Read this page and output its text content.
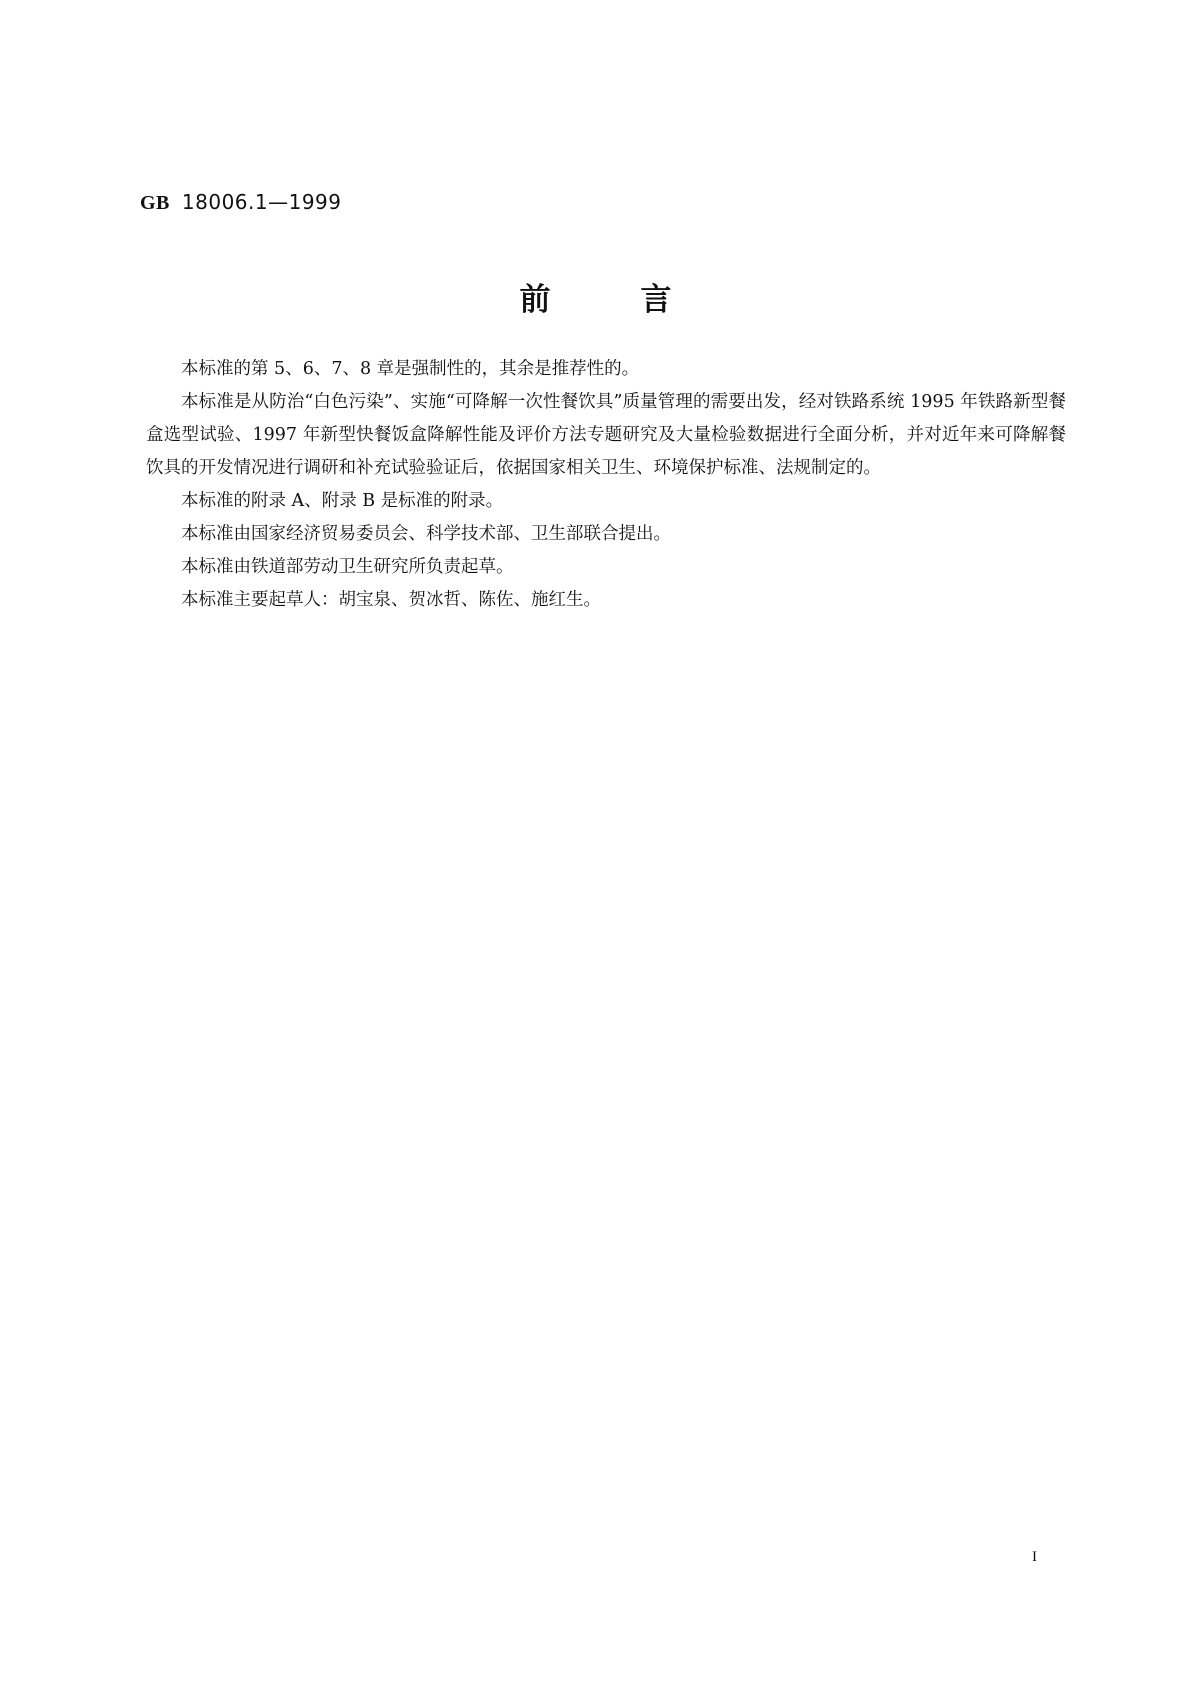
GB 18006.1—1999
前	言

本标准的第 5、6、7、8 章是强制性的，其余是推荐性的。

本标准是从防治“白色污染”、实施“可降解一次性餐饮具”质量管理的需要出发，经对铁路系统 1995 年铁路新型餐盒选型试验、1997 年新型快餐饭盒降解性能及评价方法专题研究及大量检验数据进行全面分析，并对近年来可降解餐饮具的开发情况进行调研和补充试验验证后，依据国家相关卫生、环境保护标准、法规制定的。

本标准的附录 A、附录 B 是标准的附录。

本标准由国家经济贸易委员会、科学技术部、卫生部联合提出。

本标准由铁道部劳动卫生研究所负责起草。

本标准主要起草人：胡宝泉、贺冰哲、陈佐、施红生。

I
